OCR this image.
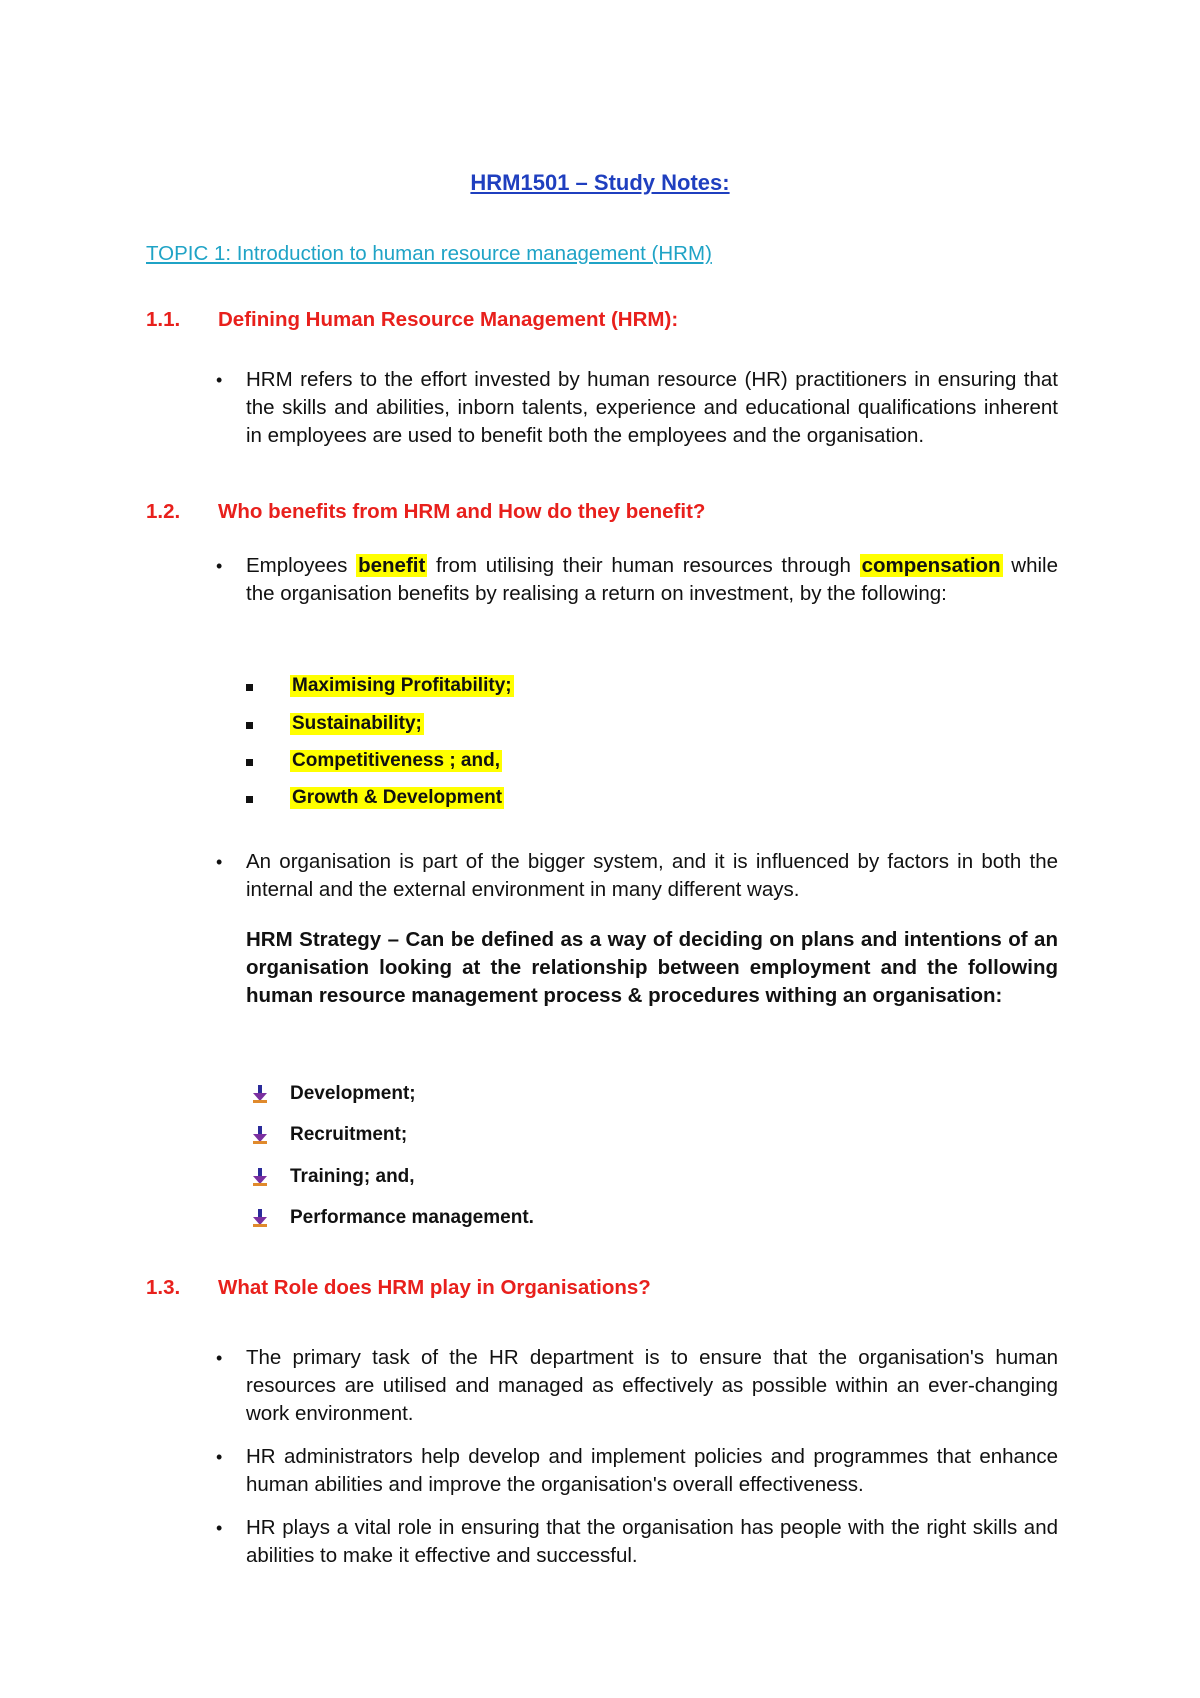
HRM1501 – Study Notes:
TOPIC 1: Introduction to human resource management (HRM)
1.1. Defining Human Resource Management (HRM):
• HRM refers to the effort invested by human resource (HR) practitioners in ensuring that the skills and abilities, inborn talents, experience and educational qualifications inherent in employees are used to benefit both the employees and the organisation.
1.2. Who benefits from HRM and How do they benefit?
• Employees benefit from utilising their human resources through compensation while the organisation benefits by realising a return on investment, by the following:
Maximising Profitability;
Sustainability;
Competitiveness ; and,
Growth & Development
• An organisation is part of the bigger system, and it is influenced by factors in both the internal and the external environment in many different ways.
HRM Strategy – Can be defined as a way of deciding on plans and intentions of an organisation looking at the relationship between employment and the following human resource management process & procedures withing an organisation:
Development;
Recruitment;
Training; and,
Performance management.
1.3. What Role does HRM play in Organisations?
• The primary task of the HR department is to ensure that the organisation's human resources are utilised and managed as effectively as possible within an ever-changing work environment.
• HR administrators help develop and implement policies and programmes that enhance human abilities and improve the organisation's overall effectiveness.
• HR plays a vital role in ensuring that the organisation has people with the right skills and abilities to make it effective and successful.
